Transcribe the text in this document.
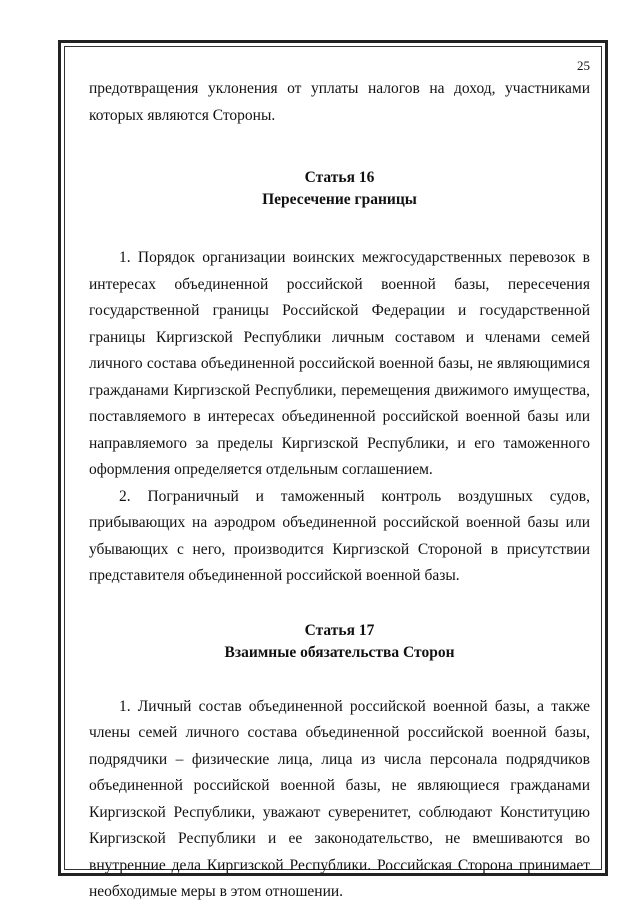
25

предотвращения уклонения от уплаты налогов на доход, участниками которых являются Стороны.

Статья 16
Пересечение границы

1. Порядок организации воинских межгосударственных перевозок в интересах объединенной российской военной базы, пересечения государственной границы Российской Федерации и государственной границы Киргизской Республики личным составом и членами семей личного состава объединенной российской военной базы, не являющимися гражданами Киргизской Республики, перемещения движимого имущества, поставляемого в интересах объединенной российской военной базы или направляемого за пределы Киргизской Республики, и его таможенного оформления определяется отдельным соглашением.

2. Пограничный и таможенный контроль воздушных судов, прибывающих на аэродром объединенной российской военной базы или убывающих с него, производится Киргизской Стороной в присутствии представителя объединенной российской военной базы.

Статья 17
Взаимные обязательства Сторон

1. Личный состав объединенной российской военной базы, а также члены семей личного состава объединенной российской военной базы, подрядчики – физические лица, лица из числа персонала подрядчиков объединенной российской военной базы, не являющиеся гражданами Киргизской Республики, уважают суверенитет, соблюдают Конституцию Киргизской Республики и ее законодательство, не вмешиваются во внутренние дела Киргизской Республики. Российская Сторона принимает необходимые меры в этом отношении.
